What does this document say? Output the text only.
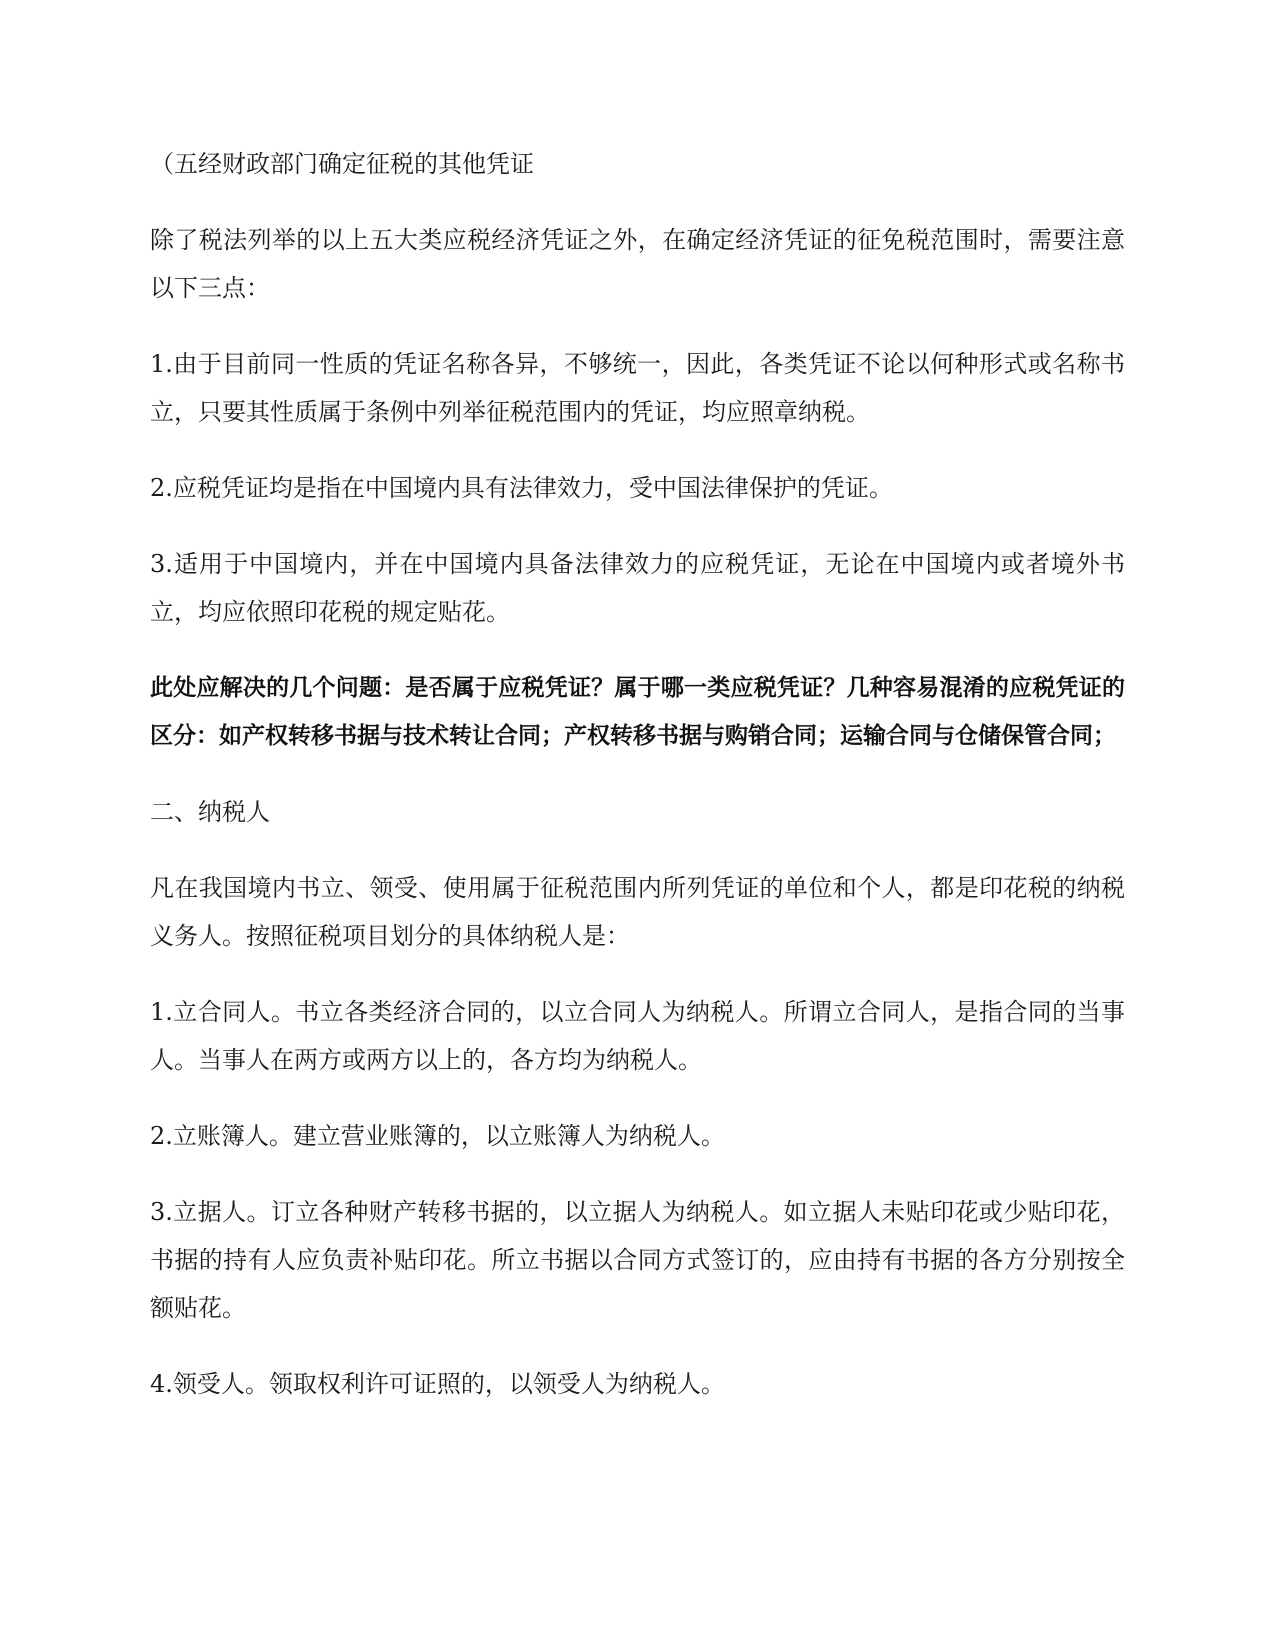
（五经财政部门确定征税的其他凭证

除了税法列举的以上五大类应税经济凭证之外，在确定经济凭证的征免税范围时，需要注意以下三点：

1.由于目前同一性质的凭证名称各异，不够统一，因此，各类凭证不论以何种形式或名称书立，只要其性质属于条例中列举征税范围内的凭证，均应照章纳税。

2.应税凭证均是指在中国境内具有法律效力，受中国法律保护的凭证。

3.适用于中国境内，并在中国境内具备法律效力的应税凭证，无论在中国境内或者境外书立，均应依照印花税的规定贴花。

此处应解决的几个问题：是否属于应税凭证？属于哪一类应税凭证？几种容易混淆的应税凭证的区分：如产权转移书据与技术转让合同；产权转移书据与购销合同；运输合同与仓储保管合同；

二、纳税人

凡在我国境内书立、领受、使用属于征税范围内所列凭证的单位和个人，都是印花税的纳税义务人。按照征税项目划分的具体纳税人是：

1.立合同人。书立各类经济合同的，以立合同人为纳税人。所谓立合同人，是指合同的当事人。当事人在两方或两方以上的，各方均为纳税人。

2.立账簿人。建立营业账簿的，以立账簿人为纳税人。

3.立据人。订立各种财产转移书据的，以立据人为纳税人。如立据人未贴印花或少贴印花，书据的持有人应负责补贴印花。所立书据以合同方式签订的，应由持有书据的各方分别按全额贴花。

4.领受人。领取权利许可证照的，以领受人为纳税人。
